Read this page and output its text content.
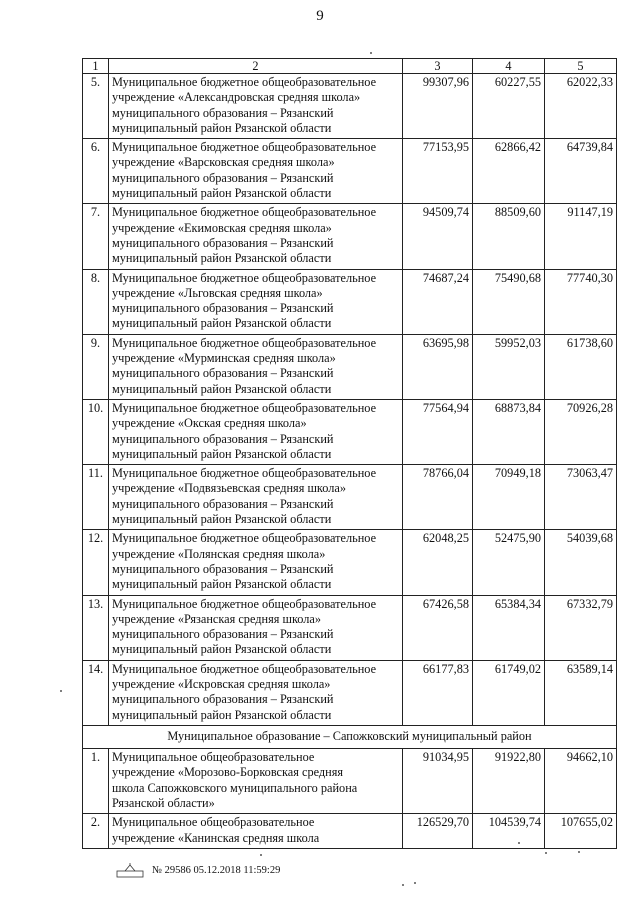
9
1	2	3	4	5
5.	Муниципальное бюджетное общеобразовательное
учреждение «Александровская средняя школа»
муниципального образования – Рязанский
муниципальный район Рязанской области	99307,96	60227,55	62022,33
6.	Муниципальное бюджетное общеобразовательное
учреждение «Варсковская средняя школа»
муниципального образования – Рязанский
муниципальный район Рязанской области	77153,95	62866,42	64739,84
7.	Муниципальное бюджетное общеобразовательное
учреждение «Екимовская средняя школа»
муниципального образования – Рязанский
муниципальный район Рязанской области	94509,74	88509,60	91147,19
8.	Муниципальное бюджетное общеобразовательное
учреждение «Льговская средняя школа»
муниципального образования – Рязанский
муниципальный район Рязанской области	74687,24	75490,68	77740,30
9.	Муниципальное бюджетное общеобразовательное
учреждение «Мурминская средняя школа»
муниципального образования – Рязанский
муниципальный район Рязанской области	63695,98	59952,03	61738,60
10.	Муниципальное бюджетное общеобразовательное
учреждение «Окская средняя школа»
муниципального образования – Рязанский
муниципальный район Рязанской области	77564,94	68873,84	70926,28
11.	Муниципальное бюджетное общеобразовательное
учреждение «Подвязьевская средняя школа»
муниципального образования – Рязанский
муниципальный район Рязанской области	78766,04	70949,18	73063,47
12.	Муниципальное бюджетное общеобразовательное
учреждение «Полянская средняя школа»
муниципального образования – Рязанский
муниципальный район Рязанской области	62048,25	52475,90	54039,68
13.	Муниципальное бюджетное общеобразовательное
учреждение «Рязанская средняя школа»
муниципального образования – Рязанский
муниципальный район Рязанской области	67426,58	65384,34	67332,79
14.	Муниципальное бюджетное общеобразовательное
учреждение «Искровская средняя школа»
муниципального образования – Рязанский
муниципальный район Рязанской области	66177,83	61749,02	63589,14
Муниципальное образование – Сапожковский муниципальный район				
1.	Муниципальное общеобразовательное
учреждение «Морозово-Борковская средняя
школа Сапожковского муниципального района
Рязанской области»	91034,95	91922,80	94662,10
2.	Муниципальное общеобразовательное
учреждение «Канинская средняя школа	126529,70	104539,74	107655,02
№ 29586 05.12.2018 11:59:29
